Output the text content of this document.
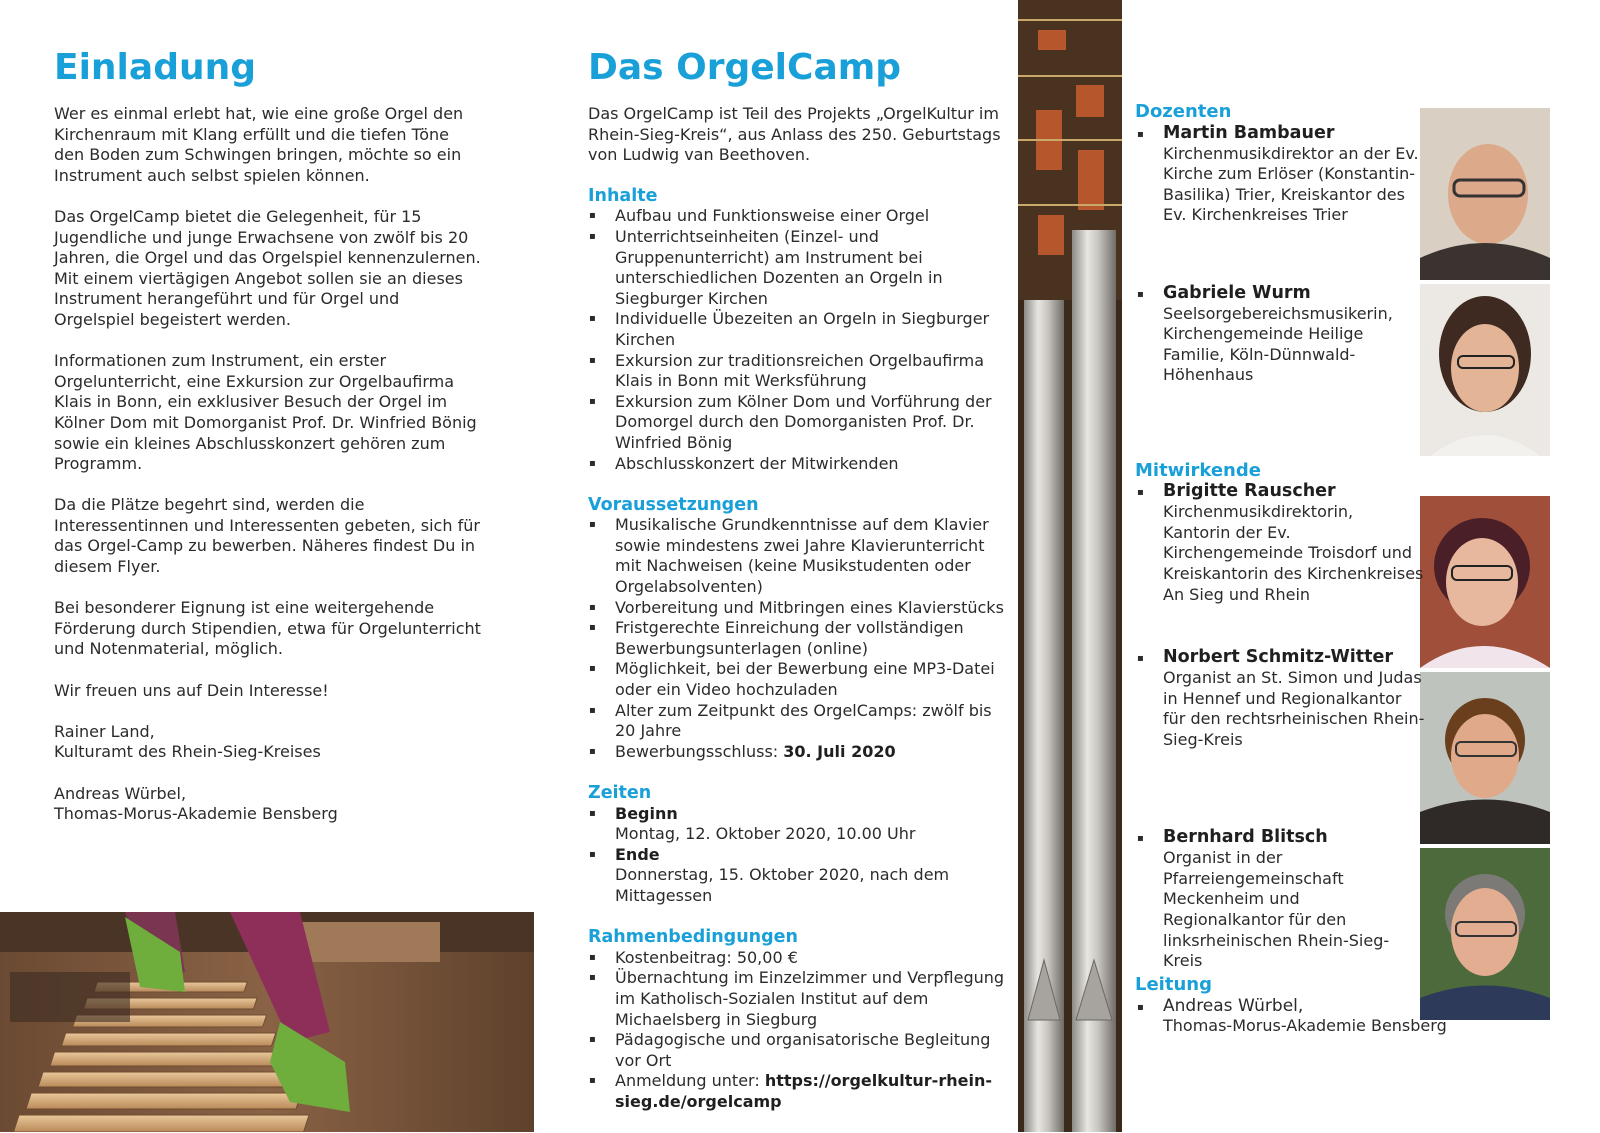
Einladung

Wer es einmal erlebt hat, wie eine große Orgel den Kirchenraum mit Klang erfüllt und die tiefen Töne den Boden zum Schwingen bringen, möchte so ein Instrument auch selbst spielen können.

Das OrgelCamp bietet die Gelegenheit, für 15 Jugendliche und junge Erwachsene von zwölf bis 20 Jahren, die Orgel und das Orgelspiel kennenzulernen. Mit einem viertägigen Angebot sollen sie an dieses Instrument herangeführt und für Orgel und Orgelspiel begeistert werden.

Informationen zum Instrument, ein erster Orgelunterricht, eine Exkursion zur Orgelbaufirma Klais in Bonn, ein exklusiver Besuch der Orgel im Kölner Dom mit Domorganist Prof. Dr. Winfried Bönig sowie ein kleines Abschlusskonzert gehören zum Programm.

Da die Plätze begehrt sind, werden die Interessentinnen und Interessenten gebeten, sich für das Orgel-Camp zu bewerben. Näheres findest Du in diesem Flyer.

Bei besonderer Eignung ist eine weitergehende Förderung durch Stipendien, etwa für Orgelunterricht und Notenmaterial, möglich.

Wir freuen uns auf Dein Interesse!

Rainer Land,
Kulturamt des Rhein-Sieg-Kreises

Andreas Würbel,
Thomas-Morus-Akademie Bensberg

Das OrgelCamp

Das OrgelCamp ist Teil des Projekts „OrgelKultur im Rhein-Sieg-Kreis“, aus Anlass des 250. Geburtstags von Ludwig van Beethoven.

Inhalte
▪ Aufbau und Funktionsweise einer Orgel
▪ Unterrichtseinheiten (Einzel- und Gruppenunterricht) am Instrument bei unterschiedlichen Dozenten an Orgeln in Siegburger Kirchen
▪ Individuelle Übezeiten an Orgeln in Siegburger Kirchen
▪ Exkursion zur traditionsreichen Orgelbaufirma Klais in Bonn mit Werksführung
▪ Exkursion zum Kölner Dom und Vorführung der Domorgel durch den Domorganisten Prof. Dr. Winfried Bönig
▪ Abschlusskonzert der Mitwirkenden
Voraussetzungen
▪ Musikalische Grundkenntnisse auf dem Klavier sowie mindestens zwei Jahre Klavierunterricht mit Nachweisen (keine Musikstudenten oder Orgelabsolventen)
▪ Vorbereitung und Mitbringen eines Klavierstücks
▪ Fristgerechte Einreichung der vollständigen Bewerbungsunterlagen (online)
▪ Möglichkeit, bei der Bewerbung eine MP3-Datei oder ein Video hochzuladen
▪ Alter zum Zeitpunkt des OrgelCamps: zwölf bis 20 Jahre
▪ Bewerbungsschluss: 30. Juli 2020
Zeiten
▪ Beginn
Montag, 12. Oktober 2020, 10.00 Uhr
▪ Ende
Donnerstag, 15. Oktober 2020, nach dem Mittagessen
Rahmenbedingungen
▪ Kostenbeitrag: 50,00 €
▪ Übernachtung im Einzelzimmer und Verpflegung im Katholisch-Sozialen Institut auf dem Michaelsberg in Siegburg
▪ Pädagogische und organisatorische Begleitung vor Ort
▪ Anmeldung unter: https://orgelkultur-rhein-sieg.de/orgelcamp
Dozenten
▪ Martin Bambauer
Kirchenmusikdirektor an der Ev. Kirche zum Erlöser (Konstantin-Basilika) Trier, Kreiskantor des Ev. Kirchenkreises Trier
▪ Gabriele Wurm
Seelsorgebereichsmusikerin, Kirchengemeinde Heilige Familie, Köln-Dünnwald-Höhenhaus
Mitwirkende
▪ Brigitte Rauscher
Kirchenmusikdirektorin, Kantorin der Ev. Kirchengemeinde Troisdorf und Kreiskantorin des Kirchenkreises An Sieg und Rhein
▪ Norbert Schmitz-Witter
Organist an St. Simon und Judas in Hennef und Regionalkantor für den rechtsrheinischen Rhein-Sieg-Kreis
▪ Bernhard Blitsch
Organist in der Pfarreiengemeinschaft Meckenheim und Regionalkantor für den linksrheinischen Rhein-Sieg-Kreis
Leitung
▪ Andreas Würbel,
Thomas-Morus-Akademie Bensberg
